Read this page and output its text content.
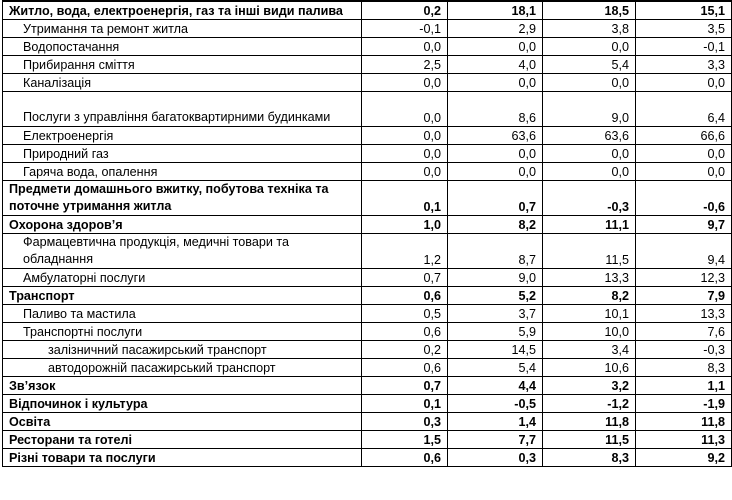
Житло, вода, електроенергія, газ та інші види палива	0,2	18,1	18,5	15,1
Утримання та ремонт житла	-0,1	2,9	3,8	3,5
Водопостачання	0,0	0,0	0,0	-0,1
Прибирання сміття	2,5	4,0	5,4	3,3
Каналізація	0,0	0,0	0,0	0,0
Послуги з управління багатоквартирними будинками	0,0	8,6	9,0	6,4
Електроенергія	0,0	63,6	63,6	66,6
Природний газ	0,0	0,0	0,0	0,0
Гаряча вода, опалення	0,0	0,0	0,0	0,0
Предмети домашнього вжитку, побутова техніка та поточне утримання житла	0,1	0,7	-0,3	-0,6
Охорона здоров’я	1,0	8,2	11,1	9,7
Фармацевтична продукція, медичні товари та обладнання	1,2	8,7	11,5	9,4
Амбулаторні послуги	0,7	9,0	13,3	12,3
Транспорт	0,6	5,2	8,2	7,9
Паливо та мастила	0,5	3,7	10,1	13,3
Транспортні послуги	0,6	5,9	10,0	7,6
залізничний пасажирський транспорт	0,2	14,5	3,4	-0,3
автодорожній пасажирський транспорт	0,6	5,4	10,6	8,3
Зв’язок	0,7	4,4	3,2	1,1
Відпочинок і культура	0,1	-0,5	-1,2	-1,9
Освіта	0,3	1,4	11,8	11,8
Ресторани та готелі	1,5	7,7	11,5	11,3
Різні товари та послуги	0,6	0,3	8,3	9,2
